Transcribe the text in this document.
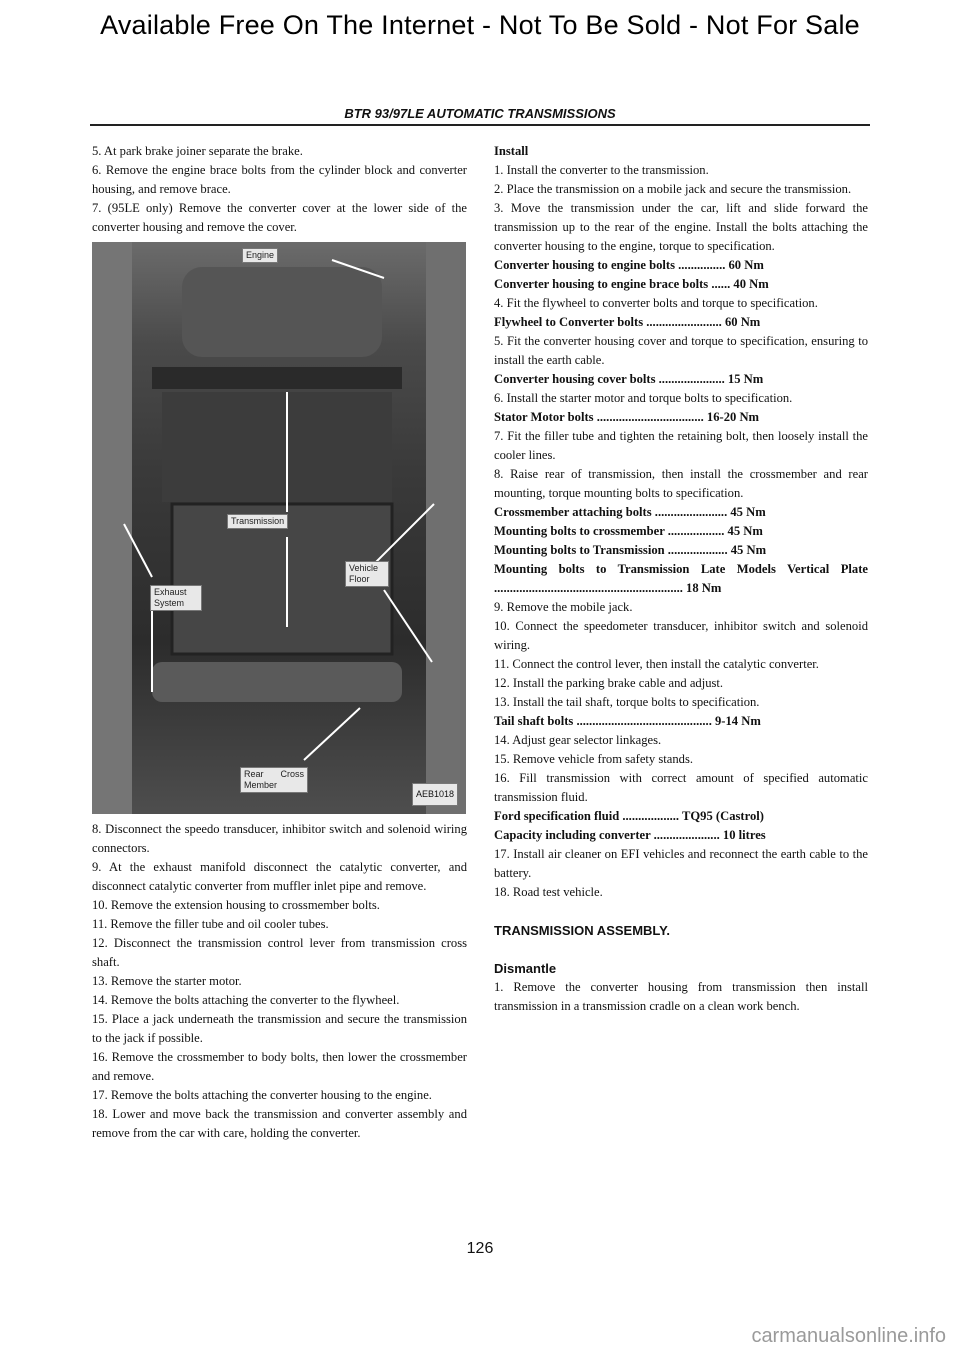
Available Free On The Internet - Not To Be Sold - Not For Sale
BTR 93/97LE AUTOMATIC TRANSMISSIONS

5. At park brake joiner separate the brake.

6. Remove the engine brace bolts from the cylinder block and converter housing, and remove brace.

7. (95LE only) Remove the converter cover at the lower side of the converter housing and remove the cover.

Engine
Transmission
Exhaust System
Vehicle Floor
Rear Cross Member
AEB1018

8. Disconnect the speedo transducer, inhibitor switch and solenoid wiring connectors.

9. At the exhaust manifold disconnect the catalytic converter, and disconnect catalytic converter from muffler inlet pipe and remove.

10. Remove the extension housing to crossmember bolts.

11. Remove the filler tube and oil cooler tubes.

12. Disconnect the transmission control lever from transmission cross shaft.

13. Remove the starter motor.

14. Remove the bolts attaching the converter to the flywheel.

15. Place a jack underneath the transmission and secure the transmission to the jack if possible.

16. Remove the crossmember to body bolts, then lower the crossmember and remove.

17. Remove the bolts attaching the converter housing to the engine.

18. Lower and move back the transmission and converter assembly and remove from the car with care, holding the converter.

Install

1. Install the converter to the transmission.

2. Place the transmission on a mobile jack and secure the transmission.

3. Move the transmission under the car, lift and slide forward the transmission up to the rear of the engine. Install the bolts attaching the converter housing to the engine, torque to specification.

Converter housing to engine bolts ............... 60 Nm

Converter housing to engine brace bolts ...... 40 Nm

4. Fit the flywheel to converter bolts and torque to specification.

Flywheel to Converter bolts ........................ 60 Nm

5. Fit the converter housing cover and torque to specification, ensuring to install the earth cable.

Converter housing cover bolts ..................... 15 Nm

6. Install the starter motor and torque bolts to specification.

Stator Motor bolts .................................. 16-20 Nm

7. Fit the filler tube and tighten the retaining bolt, then loosely install the cooler lines.

8. Raise rear of transmission, then install the crossmember and rear mounting, torque mounting bolts to specification.

Crossmember attaching bolts ....................... 45 Nm

Mounting bolts to crossmember .................. 45 Nm

Mounting bolts to Transmission ................... 45 Nm

Mounting bolts to Transmission Late Models Vertical Plate ............................................................ 18 Nm

9. Remove the mobile jack.

10. Connect the speedometer transducer, inhibitor switch and solenoid wiring.

11. Connect the control lever, then install the catalytic converter.

12. Install the parking brake cable and adjust.

13. Install the tail shaft, torque bolts to specification.

Tail shaft bolts ........................................... 9-14 Nm

14. Adjust gear selector linkages.

15. Remove vehicle from safety stands.

16. Fill transmission with correct amount of specified automatic transmission fluid.

Ford specification fluid .................. TQ95 (Castrol)

Capacity including converter ..................... 10 litres

17. Install air cleaner on EFI vehicles and reconnect the earth cable to the battery.

18. Road test vehicle.

TRANSMISSION ASSEMBLY.

Dismantle

1. Remove the converter housing from transmission then install transmission in a transmission cradle on a clean work bench.

126
carmanualsonline.info
